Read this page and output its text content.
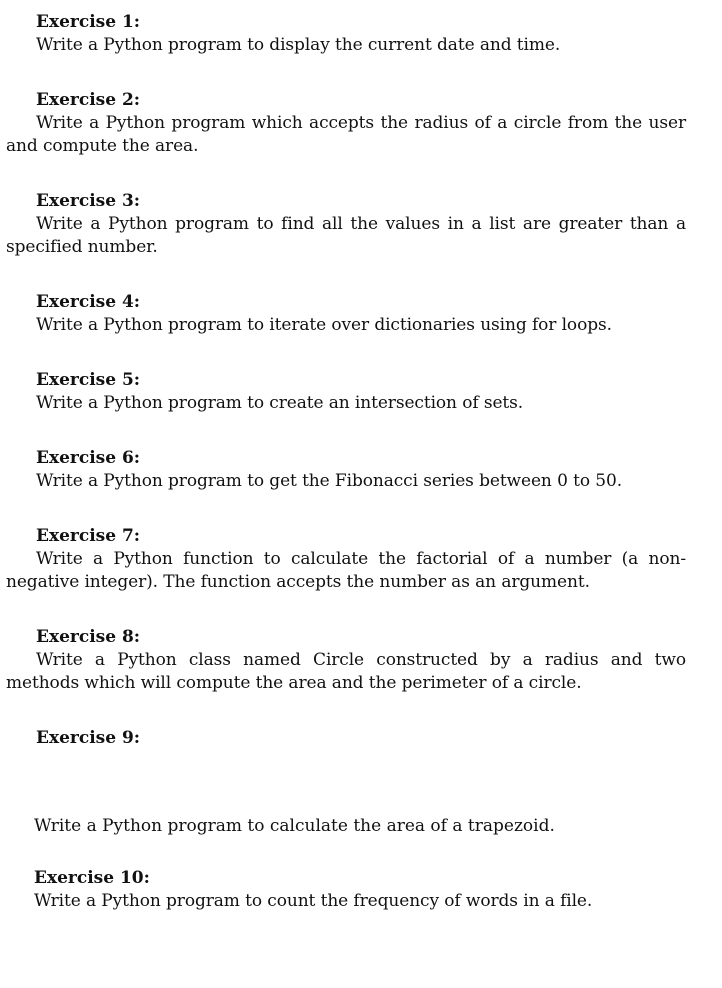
Exercise 1:
Write a Python program to display the current date and time.
Exercise 2:
Write a Python program which accepts the radius of a circle from the user and compute the area.
Exercise 3:
Write a Python program to find all the values in a list are greater than a specified number.
Exercise 4:
Write a Python program to iterate over dictionaries using for loops.
Exercise 5:
Write a Python program to create an intersection of sets.
Exercise 6:
Write a Python program to get the Fibonacci series between 0 to 50.
Exercise 7:
Write a Python function to calculate the factorial of a number (a non-negative integer). The function accepts the number as an argument.
Exercise 8:
Write a Python class named Circle constructed by a radius and two methods which will compute the area and the perimeter of a circle.
Exercise 9:
Write a Python program to calculate the area of a trapezoid.
Exercise 10:
Write a Python program to count the frequency of words in a file.
